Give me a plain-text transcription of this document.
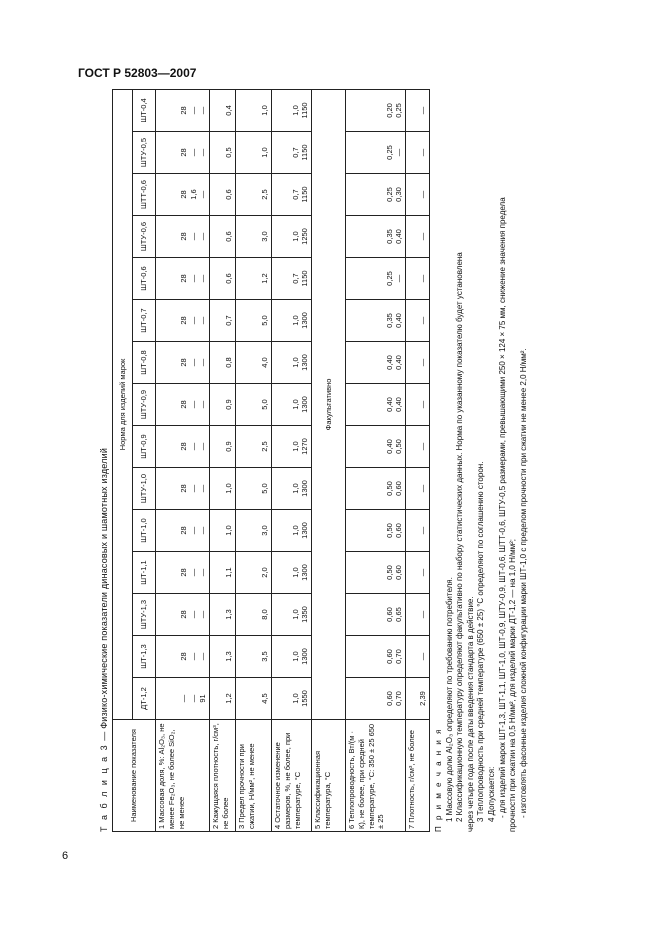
ГОСТ Р 52803—2007
6
Т а б л и ц а 3 — Физико-химические показатели динасовых и шамотных изделий
Наименование показателя	Норма для изделий марок														
	ДТ-1,2	ШТ-1,3	ШТУ-1,3	ШТ-1,1	ШТ-1,0	ШТУ-1,0	ШТ-0,9	ШТУ-0,9	ШТ-0,8	ШТ-0,7	ШТ-0,6	ШТУ-0,6	ШТТ-0,6	ШТУ-0,5	ШТ-0,4
1 Массовая доля, %: Al₂O₃, не менее Fe₂O₃, не более SiO₂, не менее	— — 91	28 — —	28 — —	28 — —	28 — —	28 — —	28 — —	28 — —	28 — —	28 — —	28 — —	28 — —	28 1,6 —	28 — —	28 — —

2 Кажущаяся плотность, г/см³, не более	1,2	1,3	1,3	1,1	1,0	1,0	0,9	0,9	0,8	0,7	0,6	0,6	0,6	0,5	0,4

3 Предел прочности при сжатии, Н/мм², не менее	4,5	3,5	8,0	2,0	3,0	5,0	2,5	5,0	4,0	5,0	1,2	3,0	2,5	1,0	1,0

4 Остаточное изменение размеров, %, не более, при температуре, °С	1,0 1550	1,0 1300	1,0 1350	1,0 1300	1,0 1300	1,0 1300	1,0 1270	1,0 1300	1,0 1300	1,0 1300	0,7 1150	1,0 1250	0,7 1150	0,7 1150	1,0 1150

5 Классификационная температура, °С	Факультативно														
6 Теплопроводность, Вт/(м · К), не более, при средней температуре, °С: 350 ± 25 650 ± 25	0,60 0,70	0,60 0,70	0,60 0,65	0,50 0,60	0,50 0,60	0,50 0,60	0,40 0,50	0,40 0,40	0,40 0,40	0,35 0,40	0,25 —	0,35 0,40	0,25 0,30	0,25 —	0,20 0,25

7 Плотность, г/см³, не более	2,39	—	—	—	—	—	—	—	—	—	—	—	—	—	—
П р и м е ч а н и я 1 Массовую долю Al₂O₃ определяют по требованию потребителя. 2 Классификационную температуру определяют факультативно по набору статистических данных. Норма по указанному показателю будет установлена через четыре года после даты введения стандарта в действие. 3 Теплопроводность при средней температуре (650 ± 25) °С определяют по соглашению сторон. 4 Допускается: - для изделий марок ШТ-1,3, ШТ-1,1, ШТ-1,0, ШТ-0,9, ШТУ-0,9, ШТ-0,6, ШТТ-0,6, ШТУ-0,5 размерами, превышающими 250 × 124 × 75 мм, снижение значения предела прочности при сжатии на 0,5 Н/мм², для изделий марки ДТ-1,2 — на 1,0 Н/мм²; - изготовлять фасонные изделия сложной конфигурации марки ШТ-1,0 с пределом прочности при сжатии не менее 2,0 Н/мм².
